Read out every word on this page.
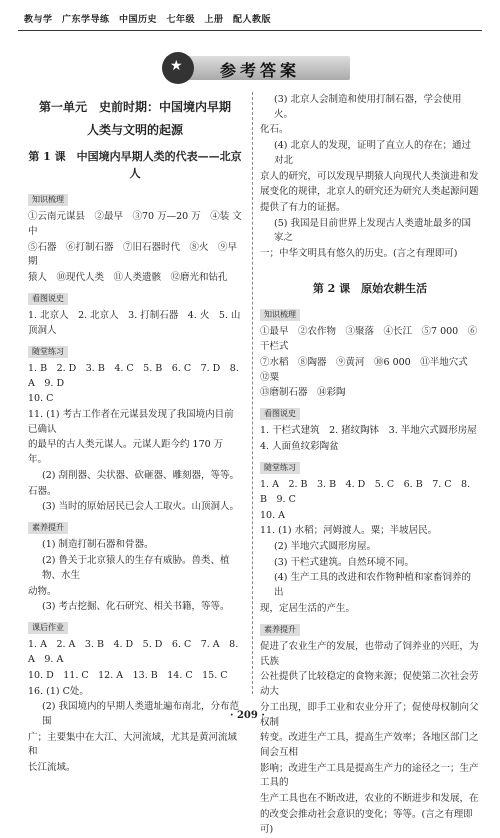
教与学　广东学导练　中国历史　七年级　上册　配人教版
★ 参考答案
第一单元　史前时期：中国境内早期
人类与文明的起源
第 1 课　中国境内早期人类的代表——北京人
知识梳理
①云南元谋县　②最早　③70 万—20 万　④装 文 中
⑤石器　⑥打制石器　⑦旧石器时代　⑧火　⑨早期
猿人　⑩现代人类　⑪人类遗骸　⑫磨光和钻孔
看图说史
1. 北京人　2. 北京人　3. 打制石器　4. 火　5. 山顶洞人
随堂练习
1. B　2. D　3. B　4. C　5. B　6. C　7. D　8. A　9. D
10. C
11. (1) 考古工作者在元谋县发现了我国境内目前已确认
的最早的古人类元谋人。元谋人距今约 170 万年。
(2) 刮削器、尖状器、砍砸器、雕刻器，等等。
石器。
(3) 当时的原始居民已会人工取火。山顶洞人。
素养提升
(1) 制造打制石器和骨器。
(2) 鲁关于北京猿人的生存有威胁。兽类、植物、水生
动物。
(3) 考古挖掘、化石研究、相关书籍，等等。
课后作业
1. A　2. A　3. B　4. D　5. D　6. C　7. A　8. A　9. A
10. D　11. C　12. A　13. B　14. C　15. C
16. (1) C处。
(2) 我国境内的早期人类遗址遍布南北，分布范围
广；主要集中在大江、大河流域，尤其是黄河流域和
长江流域。
(3) 北京人会制造和使用打制石器，学会使用火。
化石。
(4) 北京人的发现，证明了直立人的存在；通过对北
京人的研究，可以发现早期猿人向现代人类演进和发
展变化的规律，北京人的研究还为研究人类起源问题
提供了有力的证据。
(5) 我国是目前世界上发现古人类遗址最多的国家之
一；中华文明具有悠久的历史。(言之有理即可)
第 2 课　原始农耕生活
知识梳理
①最早　②农作物　③聚落　④长江　⑤7 000　⑥干栏式
⑦水稻　⑧陶器　⑨黄河　⑩6 000　⑪半地穴式　⑫粟
⑬磨制石器　⑭彩陶
看图说史
1. 干栏式建筑　2. 猪纹陶钵　3. 半地穴式圆形房屋
4. 人面鱼纹彩陶盆
随堂练习
1. A　2. B　3. B　4. D　5. C　6. B　7. C　8. B　9. C
10. A
11. (1) 水稻；河姆渡人。粟；半坡居民。
(2) 半地穴式圆形房屋。
(3) 干栏式建筑。自然环境不同。
(4) 生产工具的改进和农作物种植和家畜饲养的出
现，定居生活的产生。
素养提升
促进了农业生产的发展，也带动了饲养业的兴旺，为氏族
公社提供了比较稳定的食物来源；促使第二次社会劳动大
分工出现，即手工业和农业分开了；促使母权制向父权制
转变。改进生产工具，提高生产效率；各地区部门之间会互相
影响；改进生产工具是提高生产力的途径之一；生产工具的
生产工具也在不断改进，农业的不断进步和发展，在
的改变会推动社会意识的变化；等等。(言之有理即可)
· 209 ·
